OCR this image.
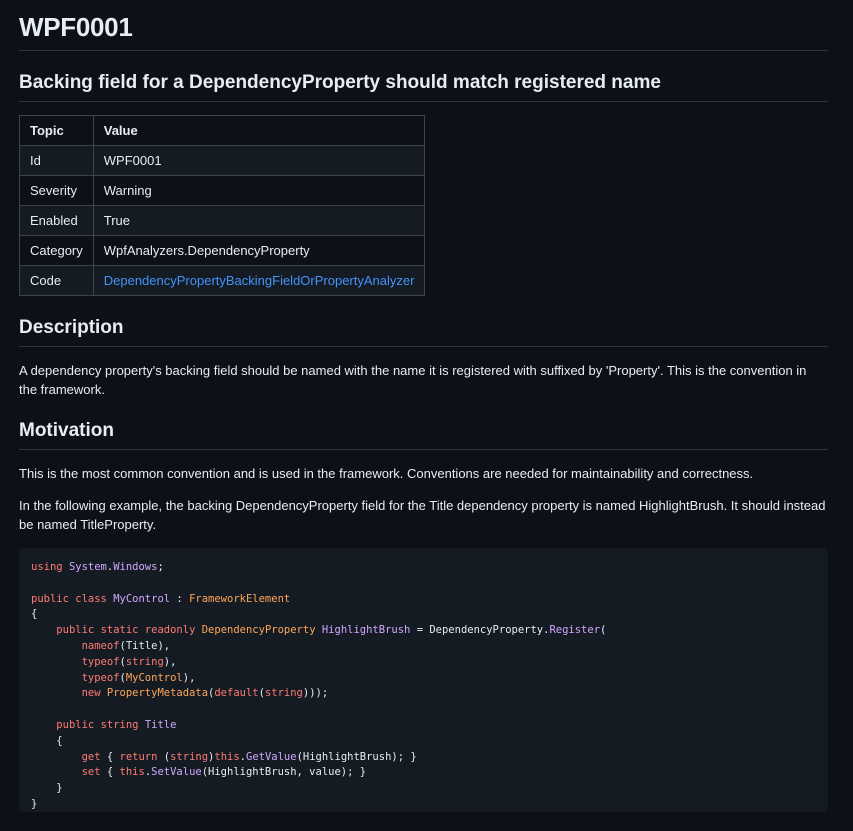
WPF0001
Backing field for a DependencyProperty should match registered name
Topic	Value
Id	WPF0001
Severity	Warning
Enabled	True
Category	WpfAnalyzers.DependencyProperty
Code	DependencyPropertyBackingFieldOrPropertyAnalyzer
Description

A dependency property's backing field should be named with the name it is registered with suffixed by 'Property'. This is the convention in the framework.

Motivation

This is the most common convention and is used in the framework. Conventions are needed for maintainability and correctness.

In the following example, the backing DependencyProperty field for the Title dependency property is named HighlightBrush. It should instead be named TitleProperty.

using System.Windows;

public class MyControl : FrameworkElement
{
public static readonly DependencyProperty HighlightBrush = DependencyProperty.Register(
nameof(Title),
typeof(string),
typeof(MyControl),
new PropertyMetadata(default(string)));

public string Title
{
get { return (string)this.GetValue(HighlightBrush); }
set { this.SetValue(HighlightBrush, value); }
}
}
